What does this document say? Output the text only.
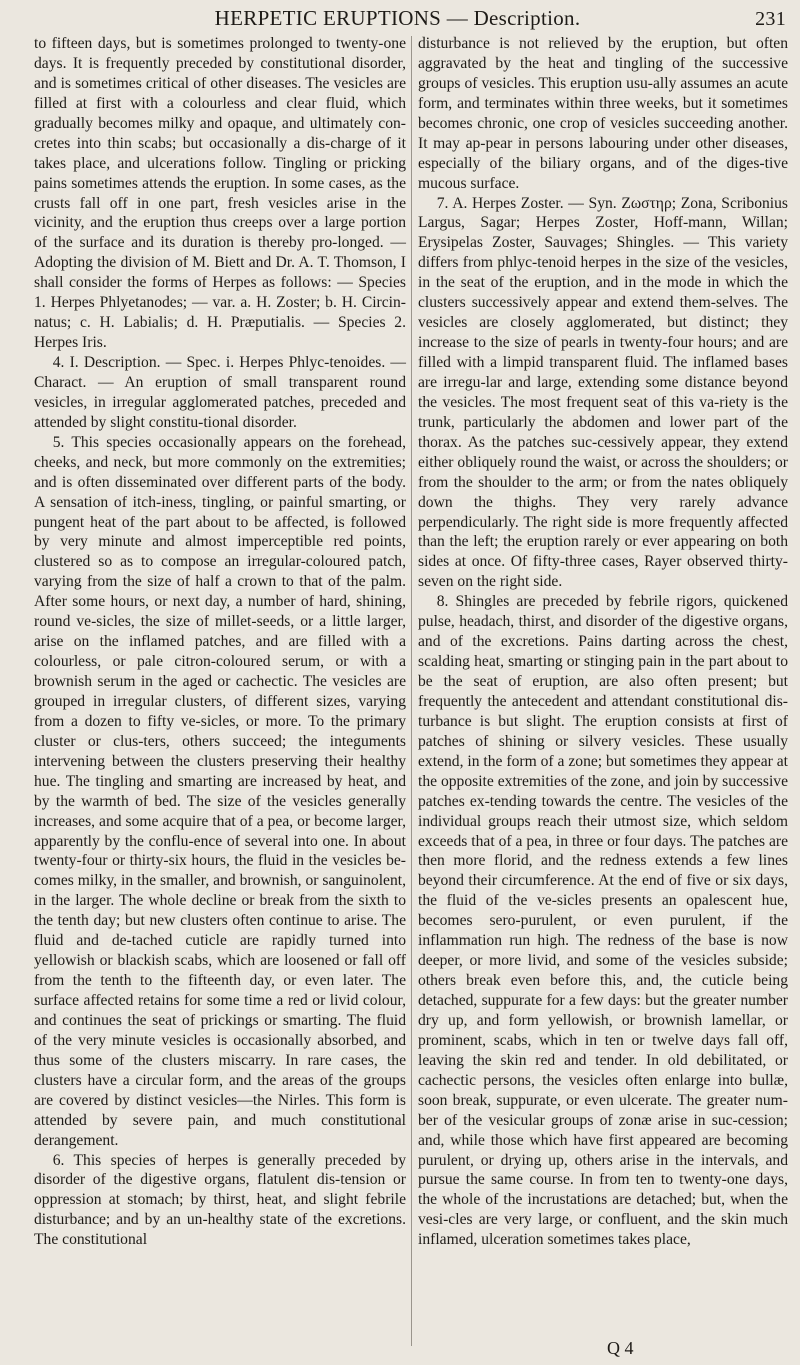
HERPETIC ERUPTIONS — Description.	231

to fifteen days, but is sometimes prolonged to twenty-one days. It is frequently preceded by constitutional disorder, and is sometimes critical of other diseases. The vesicles are filled at first with a colourless and clear fluid, which gradually becomes milky and opaque, and ultimately con-cretes into thin scabs; but occasionally a dis-charge of it takes place, and ulcerations follow. Tingling or pricking pains sometimes attends the eruption. In some cases, as the crusts fall off in one part, fresh vesicles arise in the vicinity, and the eruption thus creeps over a large portion of the surface and its duration is thereby pro-longed. — Adopting the division of M. Biett and Dr. A. T. Thomson, I shall consider the forms of Herpes as follows: — Species 1. Herpes Phlyetanodes; — var. a. H. Zoster; b. H. Circin-natus; c. H. Labialis; d. H. Præputialis. — Species 2. Herpes Iris.

4. I. Description. — Spec. i. Herpes Phlyc-tenoides. — Charact. — An eruption of small transparent round vesicles, in irregular agglomerated patches, preceded and attended by slight constitu-tional disorder.

5. This species occasionally appears on the forehead, cheeks, and neck, but more commonly on the extremities; and is often disseminated over different parts of the body. A sensation of itch-iness, tingling, or painful smarting, or pungent heat of the part about to be affected, is followed by very minute and almost imperceptible red points, clustered so as to compose an irregular-coloured patch, varying from the size of half a crown to that of the palm. After some hours, or next day, a number of hard, shining, round ve-sicles, the size of millet-seeds, or a little larger, arise on the inflamed patches, and are filled with a colourless, or pale citron-coloured serum, or with a brownish serum in the aged or cachectic. The vesicles are grouped in irregular clusters, of different sizes, varying from a dozen to fifty ve-sicles, or more. To the primary cluster or clus-ters, others succeed; the integuments intervening between the clusters preserving their healthy hue. The tingling and smarting are increased by heat, and by the warmth of bed. The size of the vesicles generally increases, and some acquire that of a pea, or become larger, apparently by the conflu-ence of several into one. In about twenty-four or thirty-six hours, the fluid in the vesicles be-comes milky, in the smaller, and brownish, or sanguinolent, in the larger. The whole decline or break from the sixth to the tenth day; but new clusters often continue to arise. The fluid and de-tached cuticle are rapidly turned into yellowish or blackish scabs, which are loosened or fall off from the tenth to the fifteenth day, or even later. The surface affected retains for some time a red or livid colour, and continues the seat of prickings or smarting. The fluid of the very minute vesicles is occasionally absorbed, and thus some of the clusters miscarry. In rare cases, the clusters have a circular form, and the areas of the groups are covered by distinct vesicles—the Nirles. This form is attended by severe pain, and much constitutional derangement.

6. This species of herpes is generally preceded by disorder of the digestive organs, flatulent dis-tension or oppression at stomach; by thirst, heat, and slight febrile disturbance; and by an un-healthy state of the excretions. The constitutional

disturbance is not relieved by the eruption, but often aggravated by the heat and tingling of the successive groups of vesicles. This eruption usu-ally assumes an acute form, and terminates within three weeks, but it sometimes becomes chronic, one crop of vesicles succeeding another. It may ap-pear in persons labouring under other diseases, especially of the biliary organs, and of the diges-tive mucous surface.

7. A. Herpes Zoster. — Syn. Ζωστηρ; Zona, Scribonius Largus, Sagar; Herpes Zoster, Hoff-mann, Willan; Erysipelas Zoster, Sauvages; Shingles. — This variety differs from phlyc-tenoid herpes in the size of the vesicles, in the seat of the eruption, and in the mode in which the clusters successively appear and extend them-selves. The vesicles are closely agglomerated, but distinct; they increase to the size of pearls in twenty-four hours; and are filled with a limpid transparent fluid. The inflamed bases are irregu-lar and large, extending some distance beyond the vesicles. The most frequent seat of this va-riety is the trunk, particularly the abdomen and lower part of the thorax. As the patches suc-cessively appear, they extend either obliquely round the waist, or across the shoulders; or from the shoulder to the arm; or from the nates obliquely down the thighs. They very rarely advance perpendicularly. The right side is more frequently affected than the left; the eruption rarely or ever appearing on both sides at once. Of fifty-three cases, Rayer observed thirty-seven on the right side.

8. Shingles are preceded by febrile rigors, quickened pulse, headach, thirst, and disorder of the digestive organs, and of the excretions. Pains darting across the chest, scalding heat, smarting or stinging pain in the part about to be the seat of eruption, are also often present; but frequently the antecedent and attendant constitutional dis-turbance is but slight. The eruption consists at first of patches of shining or silvery vesicles. These usually extend, in the form of a zone; but sometimes they appear at the opposite extremities of the zone, and join by successive patches ex-tending towards the centre. The vesicles of the individual groups reach their utmost size, which seldom exceeds that of a pea, in three or four days. The patches are then more florid, and the redness extends a few lines beyond their circumference. At the end of five or six days, the fluid of the ve-sicles presents an opalescent hue, becomes sero-purulent, or even purulent, if the inflammation run high. The redness of the base is now deeper, or more livid, and some of the vesicles subside; others break even before this, and, the cuticle being detached, suppurate for a few days: but the greater number dry up, and form yellowish, or brownish lamellar, or prominent, scabs, which in ten or twelve days fall off, leaving the skin red and tender. In old debilitated, or cachectic persons, the vesicles often enlarge into bullæ, soon break, suppurate, or even ulcerate. The greater num-ber of the vesicular groups of zonæ arise in suc-cession; and, while those which have first appeared are becoming purulent, or drying up, others arise in the intervals, and pursue the same course. In from ten to twenty-one days, the whole of the incrustations are detached; but, when the vesi-cles are very large, or confluent, and the skin much inflamed, ulceration sometimes takes place,

Q 4
